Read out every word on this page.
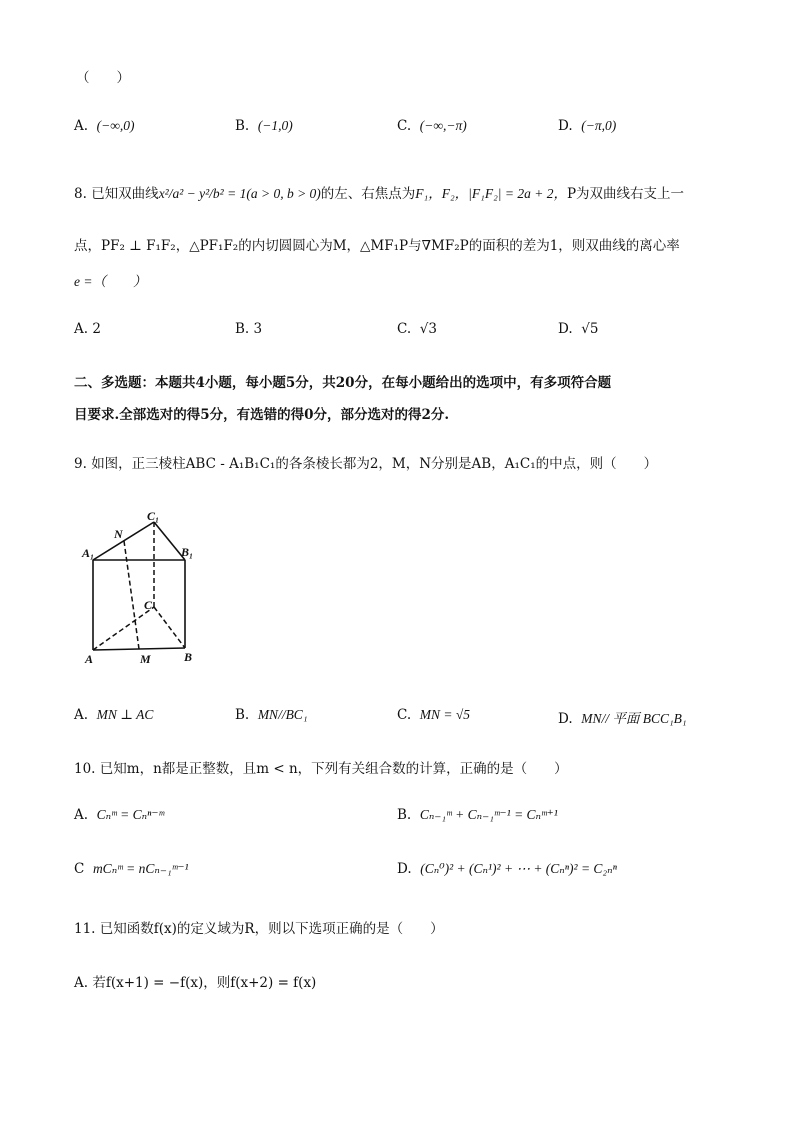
（　　）
A. (−∞,0)	B. (−1,0)	C. (−∞,−π)	D. (−π,0)
8. 已知双曲线x²/a² − y²/b² = 1(a > 0, b > 0)的左、右焦点为F₁，F₂，|F₁F₂| = 2a + 2，P为双曲线右支上一
点，PF₂ ⊥ F₁F₂，△PF₁F₂的内切圆圆心为M，△MF₁P与∇MF₂P的面积的差为1，则双曲线的离心率
e =（　　）
A. 2	B. 3	C. √3	D. √5
二、多选题：本题共4小题，每小题5分，共20分，在每小题给出的选项中，有多项符合题
目要求.全部选对的得5分，有选错的得0分，部分选对的得2分.
9. 如图，正三棱柱ABC - A₁B₁C₁的各条棱长都为2，M，N分别是AB，A₁C₁的中点，则（　　）
C₁
N
A₁	B₁
C
A	M	B
A. MN ⊥ AC	B. MN//BC₁	C. MN = √5	D. MN// 平面 BCC₁B₁
10. 已知m，n都是正整数，且m < n，下列有关组合数的计算，正确的是（　　）
A. Cₙᵐ = Cₙⁿ⁻ᵐ	B. Cₙ₋₁ᵐ + Cₙ₋₁ᵐ⁻¹ = Cₙᵐ⁺¹
C mCₙᵐ = nCₙ₋₁ᵐ⁻¹	D. (Cₙ⁰)² + (Cₙ¹)² + ⋯ + (Cₙⁿ)² = C₂ₙⁿ
11. 已知函数f(x)的定义域为R，则以下选项正确的是（　　）
A. 若f(x+1) = −f(x)，则f(x+2) = f(x)
